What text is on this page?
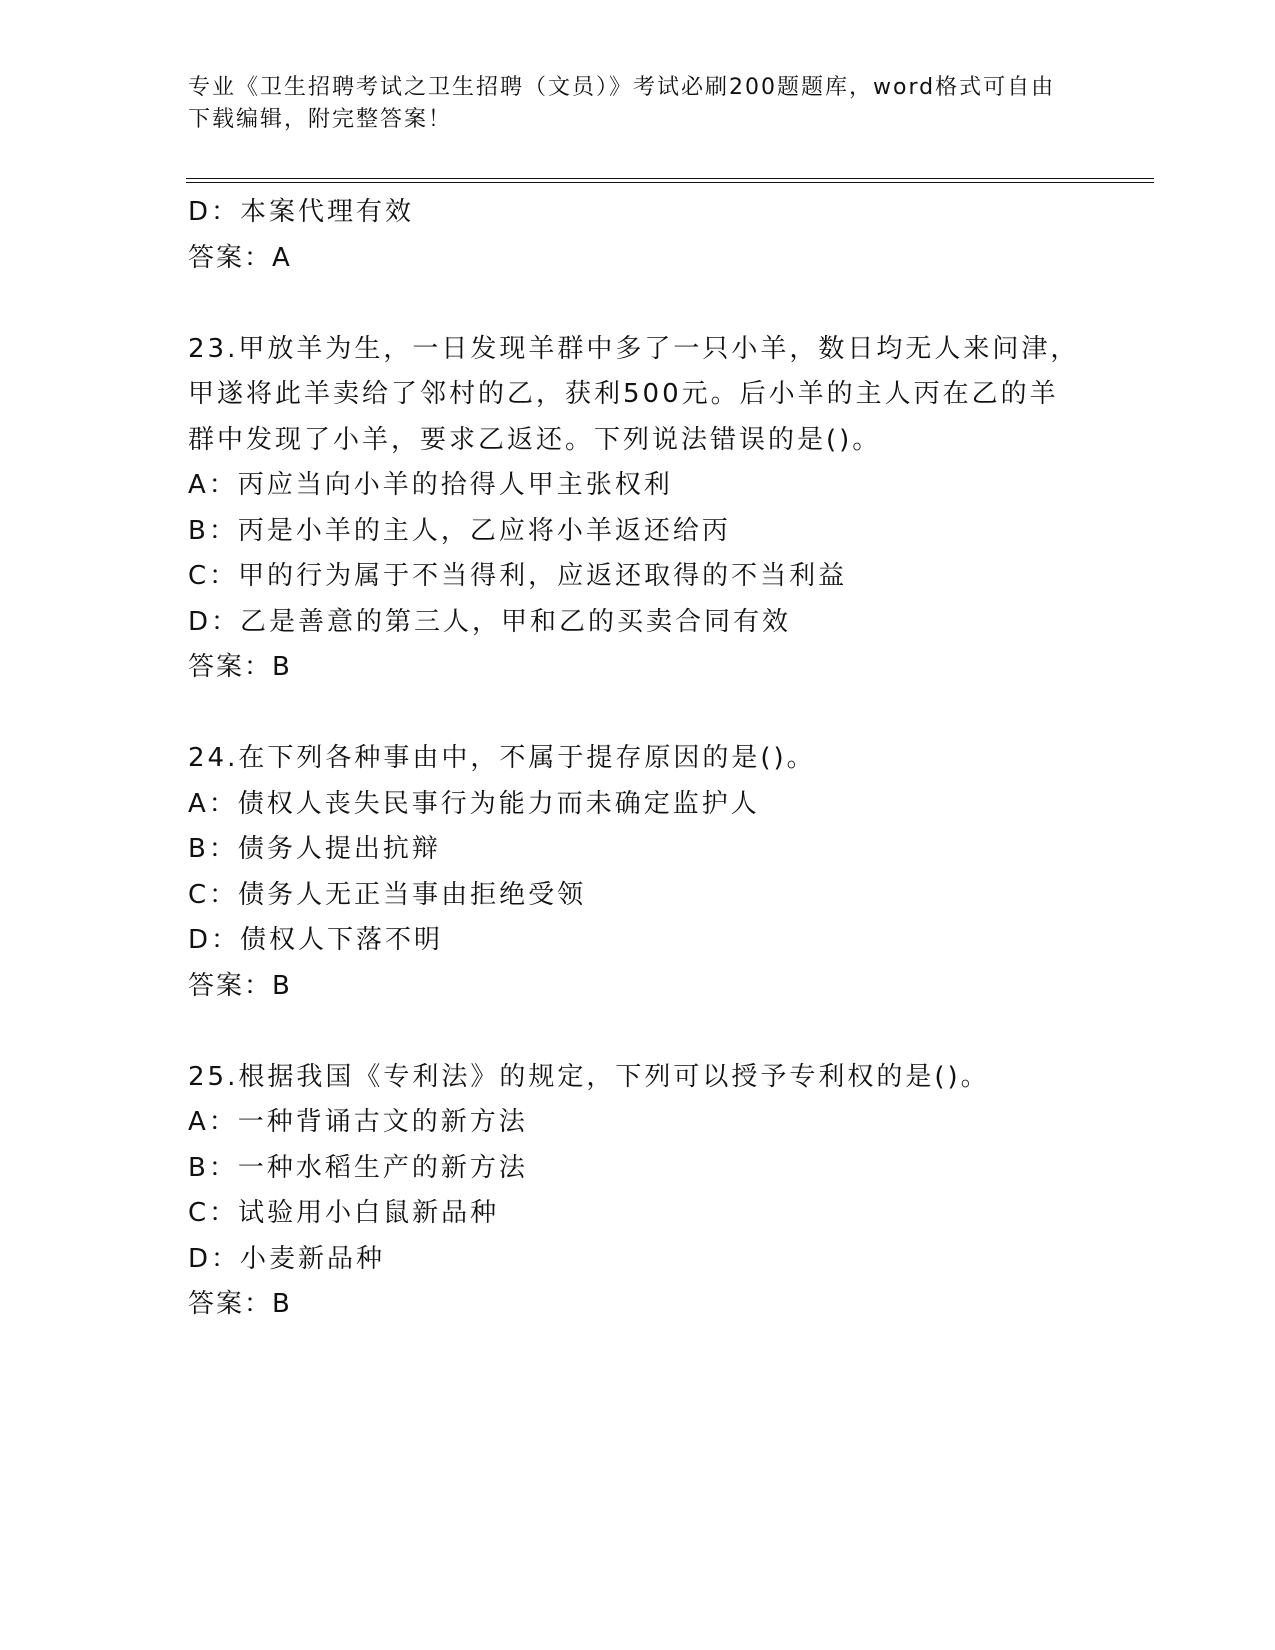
专业《卫生招聘考试之卫生招聘（文员）》考试必刷200题题库，word格式可自由下载编辑，附完整答案！
D：本案代理有效
答案：A
23.甲放羊为生，一日发现羊群中多了一只小羊，数日均无人来问津，
甲遂将此羊卖给了邻村的乙，获利500元。后小羊的主人丙在乙的羊
群中发现了小羊，要求乙返还。下列说法错误的是()。
A：丙应当向小羊的拾得人甲主张权利
B：丙是小羊的主人，乙应将小羊返还给丙
C：甲的行为属于不当得利，应返还取得的不当利益
D：乙是善意的第三人，甲和乙的买卖合同有效
答案：B
24.在下列各种事由中，不属于提存原因的是()。
A：债权人丧失民事行为能力而未确定监护人
B：债务人提出抗辩
C：债务人无正当事由拒绝受领
D：债权人下落不明
答案：B
25.根据我国《专利法》的规定，下列可以授予专利权的是()。
A：一种背诵古文的新方法
B：一种水稻生产的新方法
C：试验用小白鼠新品种
D：小麦新品种
答案：B
